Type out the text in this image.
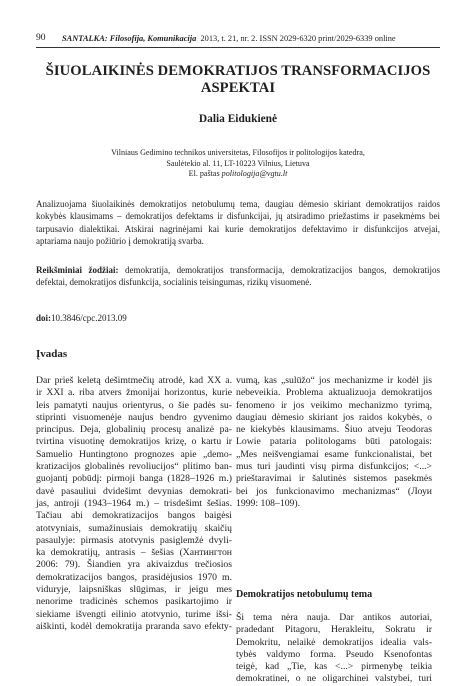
90 SANTALKA: Filosofija, Komunikacija 2013, t. 21, nr. 2. ISSN 2029-6320 print/2029-6339 online
ŠIUOLAIKINĖS DEMOKRATIJOS TRANSFORMACIJOS
ASPEKTAI
Dalia Eidukienė
Vilniaus Gedimino technikos universitetas, Filosofijos ir politologijos katedra,
Saulėtekio al. 11, LT-10223 Vilnius, Lietuva
El. paštas politologija@vgtu.lt
Analizuojama šiuolaikinės demokratijos netobulumų tema, daugiau dėmesio skiriant demokratijos raidos kokybės klausimams – demokratijos defektams ir disfunkcijai, jų atsiradimo priežastims ir pasekmėms bei tarpusavio dialektikai. Atskirai nagrinėjami kai kurie demokratijos defektavimo ir disfunkcijos atvejai, aptariama naujo požiūrio į demokratiją svarba.
Reikšminiai žodžiai: demokratija, demokratijos transformacija, demokratizacijos bangos, demokratijos defektai, demokratijos disfunkcija, socialinis teisingumas, rizikų visuomenė.
doi:10.3846/cpc.2013.09
Įvadas
Dar prieš keletą dešimtmečių atrodė, kad XX a.
ir XXI a. riba atvers žmonijai horizontus, kurie
leis pamatyti naujus orientyrus, o šie padės su-
stiprinti visuomenėje naujus bendro gyvenimo
principus. Deja, globalinių procesų analizė pa-
tvirtina visuotinę demokratijos krizę, o kartu ir
Samuelio Huntingtono prognozes apie „demo-
kratizacijos globalinės revoliucijos“ plitimo ban-
guojantį pobūdį: pirmoji banga (1828–1926 m.)
davė pasauliui dvidešimt devynias demokrati-
jas, antroji (1943–1964 m.) – trisdešimt šešias.
Tačiau abi demokratizacijos bangos baigėsi
atotvyniais, sumažinusiais demokratijų skaičių
pasaulyje: pirmasis atotvynis pasiglemžė dvyli-
ka demokratijų, antrasis – šešias (Хантингтон
2006: 79). Šiandien yra akivaizdus trečiosios
demokratizacijos bangos, prasidėjusios 1970 m.
viduryje, laipsniškas slūgimas, ir jeigu mes
nenorime tradicinės schemos pasikartojimo ir
siekiame išvengti eilinio atotvynio, turime išsi-
aiškinti, kodėl demokratija praranda savo efekty-
vumą, kas „sulūžo“ jos mechanizme ir kodėl jis
nebeveikia. Problema aktualizuoja demokratijos
fenomeno ir jos veikimo mechanizmo tyrimą,
daugiau dėmesio skiriant jos raidos kokybės, o
ne kiekybės klausimams. Šiuo atveju Teodoras
Lowie pataria politologams būti patologais:
„Mes neišvengiamai esame funkcionalistai, bet
mus turi jaudinti visų pirma disfunkcijos; <...>
prieštaravimai ir šalutinės sistemos pasekmės
bei jos funkcionavimo mechanizmas“ (Лоуи
1999: 108–109).
Demokratijos netobulumų tema
Ši tema nėra nauja. Dar antikos autoriai,
pradedant Pitagoru, Herakleitu, Sokratu ir
Demokritu, nelaikė demokratijos idealia vals-
tybės valdymo forma. Pseudo Ksenofontas
teigė, kad „Tie, kas <...> pirmenybę teikia
demokratinei, o ne oligarchinei valstybei, turi
